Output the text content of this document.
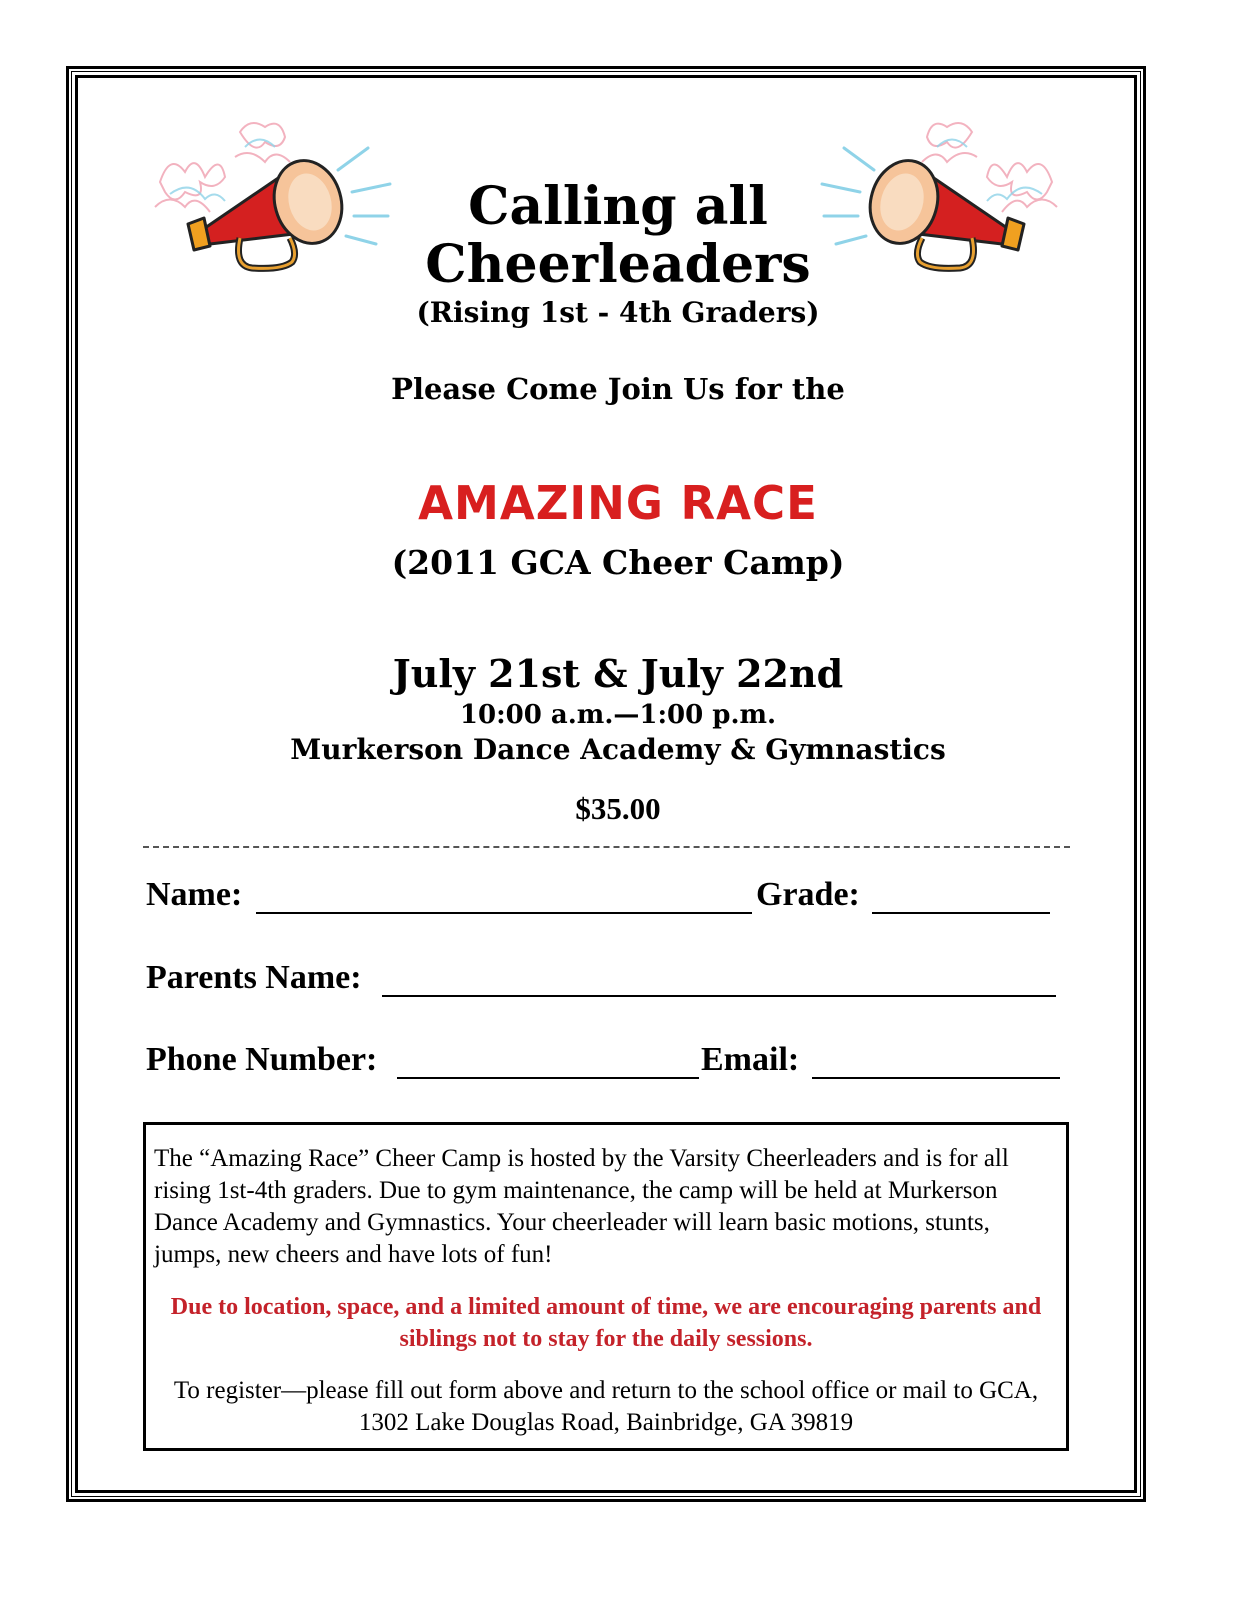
Calling all
Cheerleaders
(Rising 1st - 4th Graders)
Please Come Join Us for the
AMAZING RACE
(2011 GCA Cheer Camp)
July 21st & July 22nd
10:00 a.m.—1:00 p.m.
Murkerson Dance Academy & Gymnastics
$35.00
Name:	Grade:
Parents Name:
Phone Number:	Email:
The “Amazing Race” Cheer Camp is hosted by the Varsity Cheerleaders and is for all rising 1st-4th graders. Due to gym maintenance, the camp will be held at Murkerson Dance Academy and Gymnastics. Your cheerleader will learn basic motions, stunts, jumps, new cheers and have lots of fun!
Due to location, space, and a limited amount of time, we are encouraging parents and siblings not to stay for the daily sessions.
To register—please fill out form above and return to the school office or mail to GCA, 1302 Lake Douglas Road, Bainbridge, GA 39819
